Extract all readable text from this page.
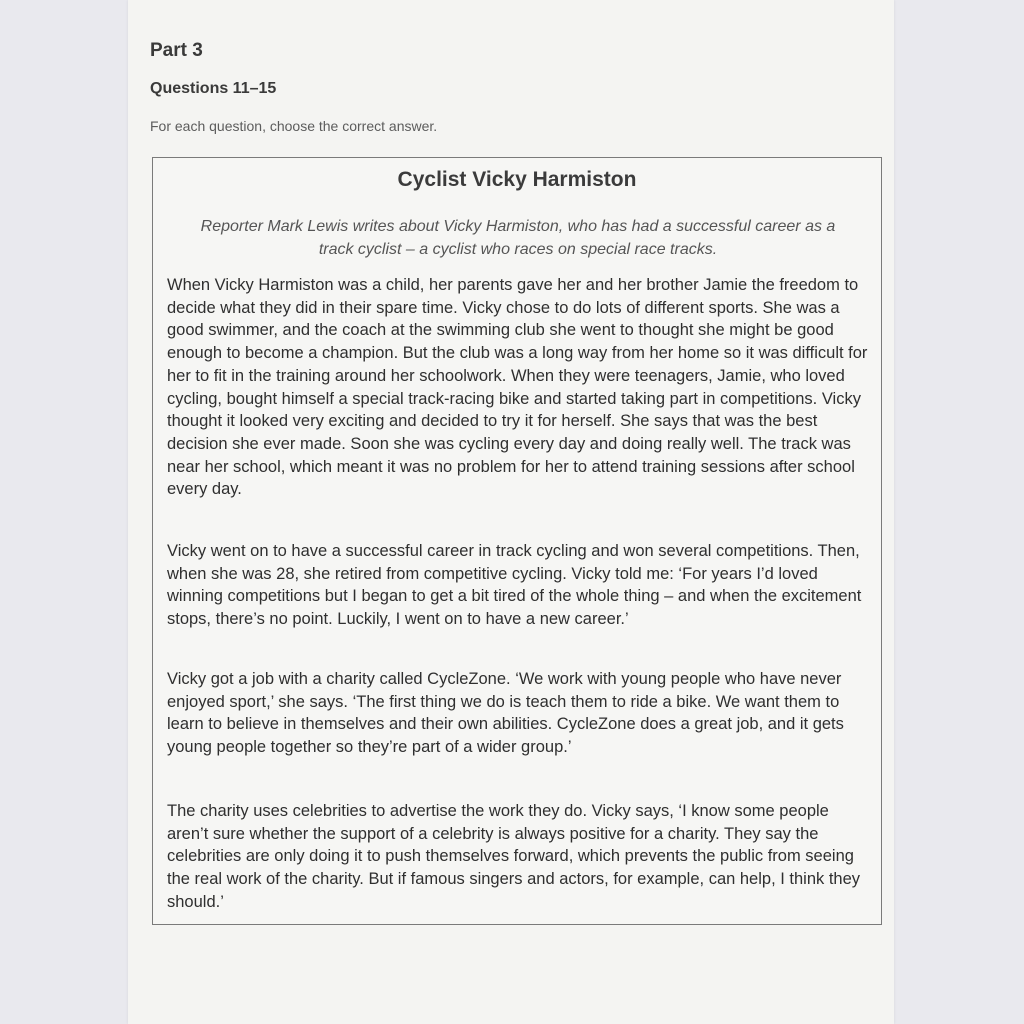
Part 3
Questions 11–15

For each question, choose the correct answer.

Cyclist Vicky Harmiston

Reporter Mark Lewis writes about Vicky Harmiston, who has had a successful career as a track cyclist – a cyclist who races on special race tracks.

When Vicky Harmiston was a child, her parents gave her and her brother Jamie the freedom to decide what they did in their spare time. Vicky chose to do lots of different sports. She was a good swimmer, and the coach at the swimming club she went to thought she might be good enough to become a champion. But the club was a long way from her home so it was difficult for her to fit in the training around her schoolwork. When they were teenagers, Jamie, who loved cycling, bought himself a special track-racing bike and started taking part in competitions. Vicky thought it looked very exciting and decided to try it for herself. She says that was the best decision she ever made. Soon she was cycling every day and doing really well. The track was near her school, which meant it was no problem for her to attend training sessions after school every day.

Vicky went on to have a successful career in track cycling and won several competitions. Then, when she was 28, she retired from competitive cycling. Vicky told me: ‘For years I’d loved winning competitions but I began to get a bit tired of the whole thing – and when the excitement stops, there’s no point. Luckily, I went on to have a new career.’

Vicky got a job with a charity called CycleZone. ‘We work with young people who have never enjoyed sport,’ she says. ‘The first thing we do is teach them to ride a bike. We want them to learn to believe in themselves and their own abilities. CycleZone does a great job, and it gets young people together so they’re part of a wider group.’

The charity uses celebrities to advertise the work they do. Vicky says, ‘I know some people aren’t sure whether the support of a celebrity is always positive for a charity. They say the celebrities are only doing it to push themselves forward, which prevents the public from seeing the real work of the charity. But if famous singers and actors, for example, can help, I think they should.’
